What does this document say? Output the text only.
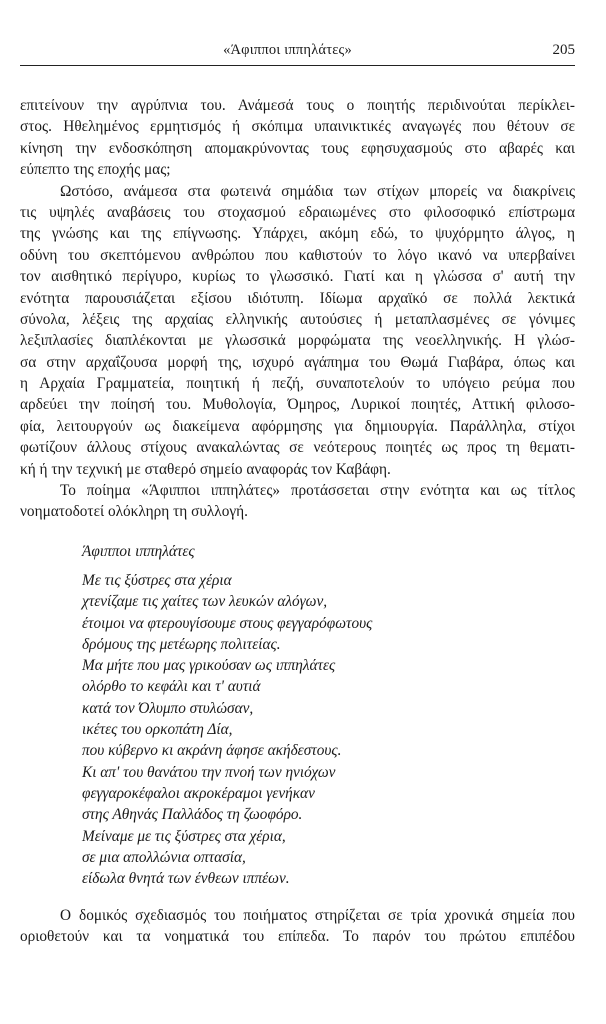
«Άφιπποι ιππηλάτες»	205
επιτείνουν την αγρύπνια του. Ανάμεσά τους ο ποιητής περιδινούται περίκλει-
στος. Ηθελημένος ερμητισμός ή σκόπιμα υπαινικτικές αναγωγές που θέτουν σε
κίνηση την ενδοσκόπηση απομακρύνοντας τους εφησυχασμούς στο αβαρές και
εύπεπτο της εποχής μας;
Ωστόσο, ανάμεσα στα φωτεινά σημάδια των στίχων μπορείς να διακρίνεις
τις υψηλές αναβάσεις του στοχασμού εδραιωμένες στο φιλοσοφικό επίστρωμα
της γνώσης και της επίγνωσης. Υπάρχει, ακόμη εδώ, το ψυχόρμητο άλγος, η
οδύνη του σκεπτόμενου ανθρώπου που καθιστούν το λόγο ικανό να υπερβαίνει
τον αισθητικό περίγυρο, κυρίως το γλωσσικό. Γιατί και η γλώσσα σ' αυτή την
ενότητα παρουσιάζεται εξίσου ιδιότυπη. Ιδίωμα αρχαϊκό σε πολλά λεκτικά
σύνολα, λέξεις της αρχαίας ελληνικής αυτούσιες ή μεταπλασμένες σε γόνιμες
λεξιπλασίες διαπλέκονται με γλωσσικά μορφώματα της νεοελληνικής. Η γλώσ-
σα στην αρχαΐζουσα μορφή της, ισχυρό αγάπημα του Θωμά Γιαβάρα, όπως και
η Αρχαία Γραμματεία, ποιητική ή πεζή, συναποτελούν το υπόγειο ρεύμα που
αρδεύει την ποίησή του. Μυθολογία, Όμηρος, Λυρικοί ποιητές, Αττική φιλοσο-
φία, λειτουργούν ως διακείμενα αφόρμησης για δημιουργία. Παράλληλα, στίχοι
φωτίζουν άλλους στίχους ανακαλώντας σε νεότερους ποιητές ως προς τη θεματι-
κή ή την τεχνική με σταθερό σημείο αναφοράς τον Καβάφη.
Το ποίημα «Άφιπποι ιππηλάτες» προτάσσεται στην ενότητα και ως τίτλος
νοηματοδοτεί ολόκληρη τη συλλογή.
Άφιπποι ιππηλάτες
Με τις ξύστρες στα χέρια
χτενίζαμε τις χαίτες των λευκών αλόγων,
έτοιμοι να φτερουγίσουμε στους φεγγαρόφωτους
δρόμους της μετέωρης πολιτείας.
Μα μήτε που μας γρικούσαν ως ιππηλάτες
ολόρθο το κεφάλι και τ' αυτιά
κατά τον Όλυμπο στυλώσαν,
ικέτες του ορκοπάτη Δία,
που κύβερνο κι ακράνη άφησε ακήδεστους.
Κι απ' του θανάτου την πνοή των ηνιόχων
φεγγαροκέφαλοι ακροκέραμοι γενήκαν
στης Αθηνάς Παλλάδος τη ζωοφόρο.
Μείναμε με τις ξύστρες στα χέρια,
σε μια απολλώνια οπτασία,
είδωλα θνητά των ένθεων ιππέων.
Ο δομικός σχεδιασμός του ποιήματος στηρίζεται σε τρία χρονικά σημεία που
οριοθετούν και τα νοηματικά του επίπεδα. Το παρόν του πρώτου επιπέδου
